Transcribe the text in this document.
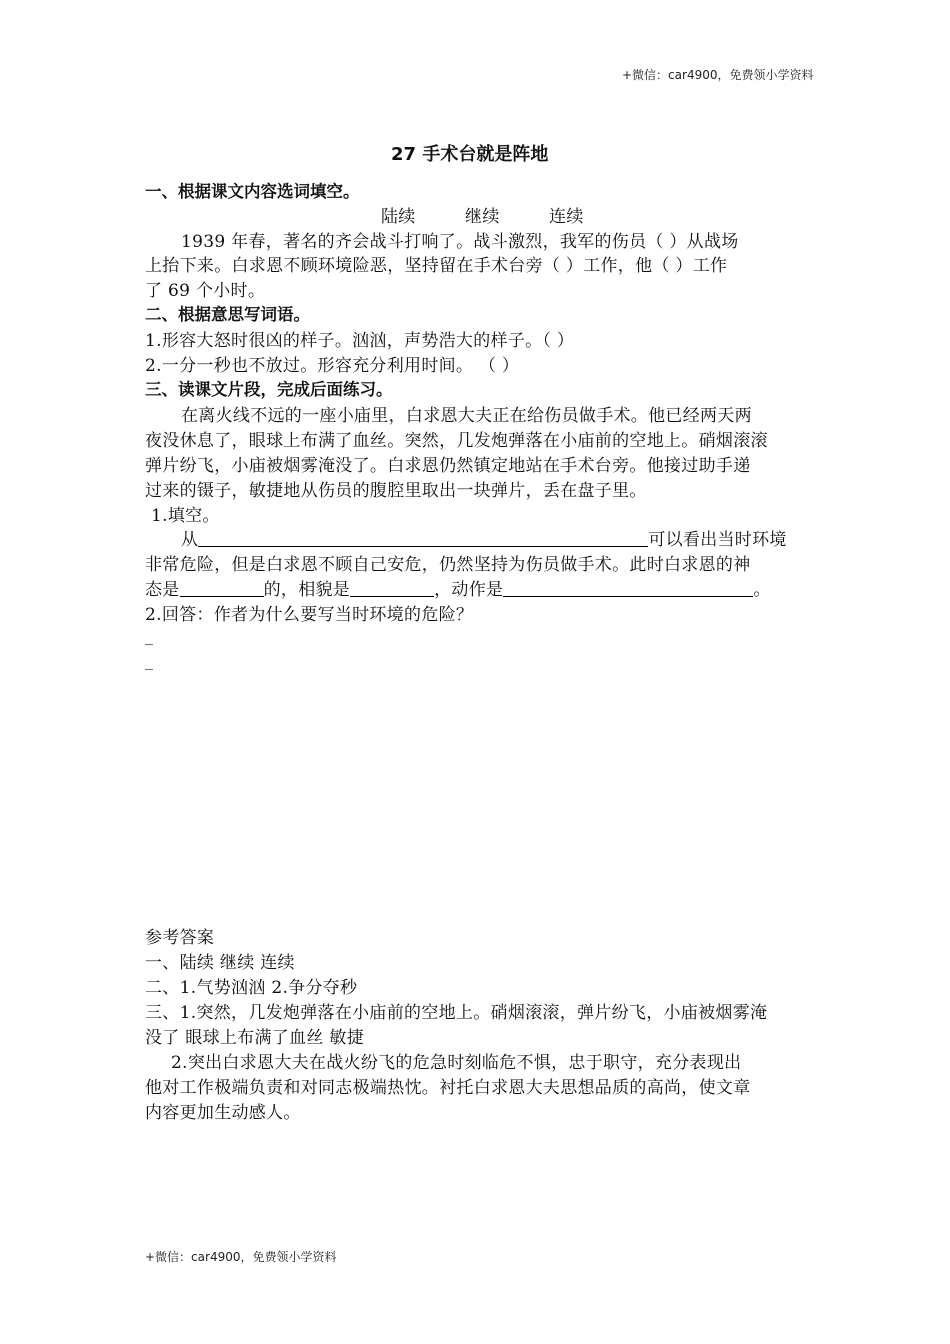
+微信：car4900，免费领小学资料
27 手术台就是阵地
一、根据课文内容选词填空。
陆续	继续	连续
1939 年春，著名的齐会战斗打响了。战斗激烈，我军的伤员（ ）从战场
上抬下来。白求恩不顾环境险恶，坚持留在手术台旁（ ）工作，他（ ）工作
了 69 个小时。
二、根据意思写词语。
1.形容大怒时很凶的样子。汹汹，声势浩大的样子。（ ）
2.一分一秒也不放过。形容充分利用时间。 （ ）
三、读课文片段，完成后面练习。
在离火线不远的一座小庙里，白求恩大夫正在给伤员做手术。他已经两天两
夜没休息了，眼球上布满了血丝。突然，几发炮弹落在小庙前的空地上。硝烟滚滚
弹片纷飞，小庙被烟雾淹没了。白求恩仍然镇定地站在手术台旁。他接过助手递
过来的镊子，敏捷地从伤员的腹腔里取出一块弹片，丢在盘子里。
1.填空。
从	可以看出当时环境
非常危险，但是白求恩不顾自己安危，仍然坚持为伤员做手术。此时白求恩的神
态是	的，相貌是	，动作是	。
2.回答：作者为什么要写当时环境的危险？
_
_
参考答案
一、陆续 继续 连续
二、1.气势汹汹 2.争分夺秒
三、1.突然，几发炮弹落在小庙前的空地上。硝烟滚滚，弹片纷飞，小庙被烟雾淹
没了 眼球上布满了血丝 敏捷
2.突出白求恩大夫在战火纷飞的危急时刻临危不惧，忠于职守，充分表现出
他对工作极端负责和对同志极端热忱。衬托白求恩大夫思想品质的高尚，使文章
内容更加生动感人。
+微信：car4900，免费领小学资料
